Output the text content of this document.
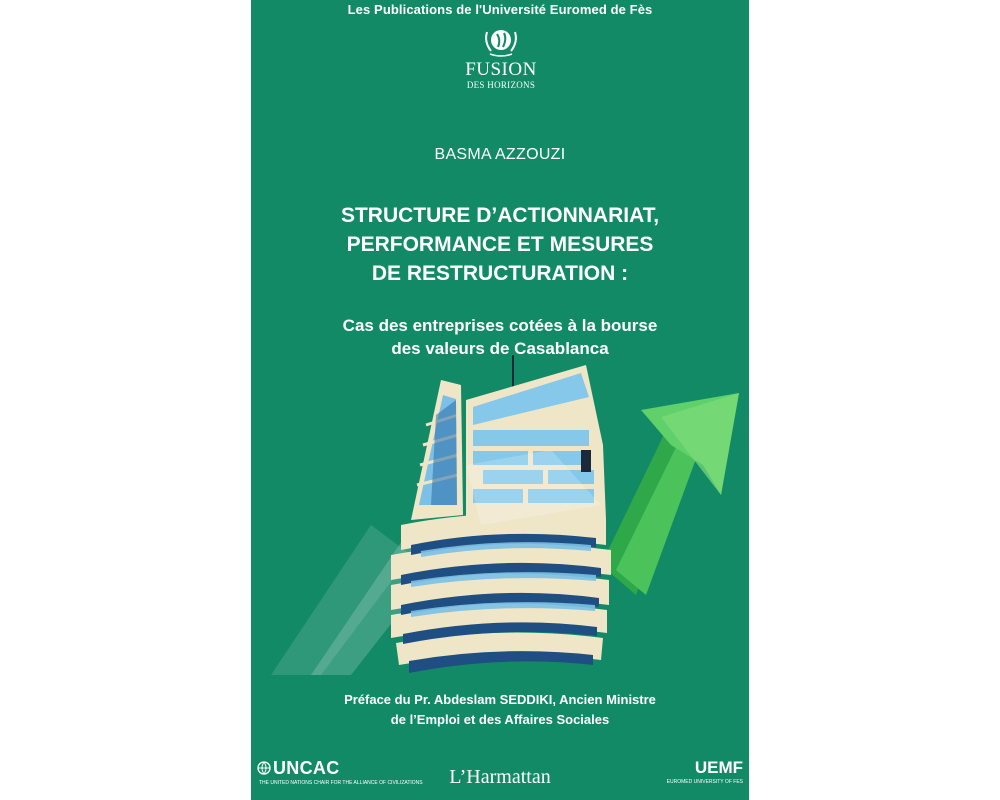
Les Publications de l'Université Euromed de Fès
FUSION
DES HORIZONS
BASMA AZZOUZI
STRUCTURE D’ACTIONNARIAT,
PERFORMANCE ET MESURES
DE RESTRUCTURATION :
Cas des entreprises cotées à la bourse
des valeurs de Casablanca
Préface du Pr. Abdeslam SEDDIKI, Ancien Ministre
de l’Emploi et des Affaires Sociales
UNCAC
THE UNITED NATIONS CHAIR FOR THE ALLIANCE OF CIVILIZATIONS	L’Harmattan	UEMF
EUROMED UNIVERSITY OF FES
